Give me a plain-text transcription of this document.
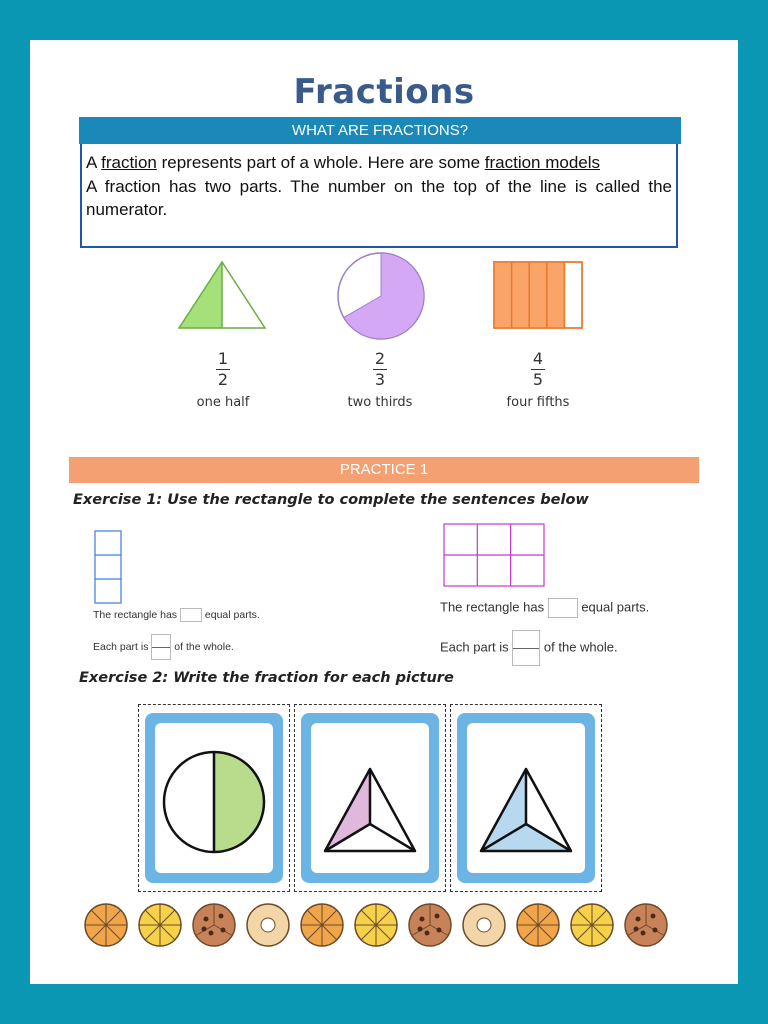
Fractions
WHAT ARE FRACTIONS?

A fraction represents part of a whole. Here are some fraction models

A fraction has two parts. The number on the top of the line is called the numerator.

1
2
one half
2
3
two thirds
4
5
four fifths
PRACTICE 1
Exercise 1: Use the rectangle to complete the sentences below
The rectangle has	equal parts.
Each part is of the whole.
The rectangle has	equal parts.
Each part is	of the whole.
Exercise 2: Write the fraction for each picture
